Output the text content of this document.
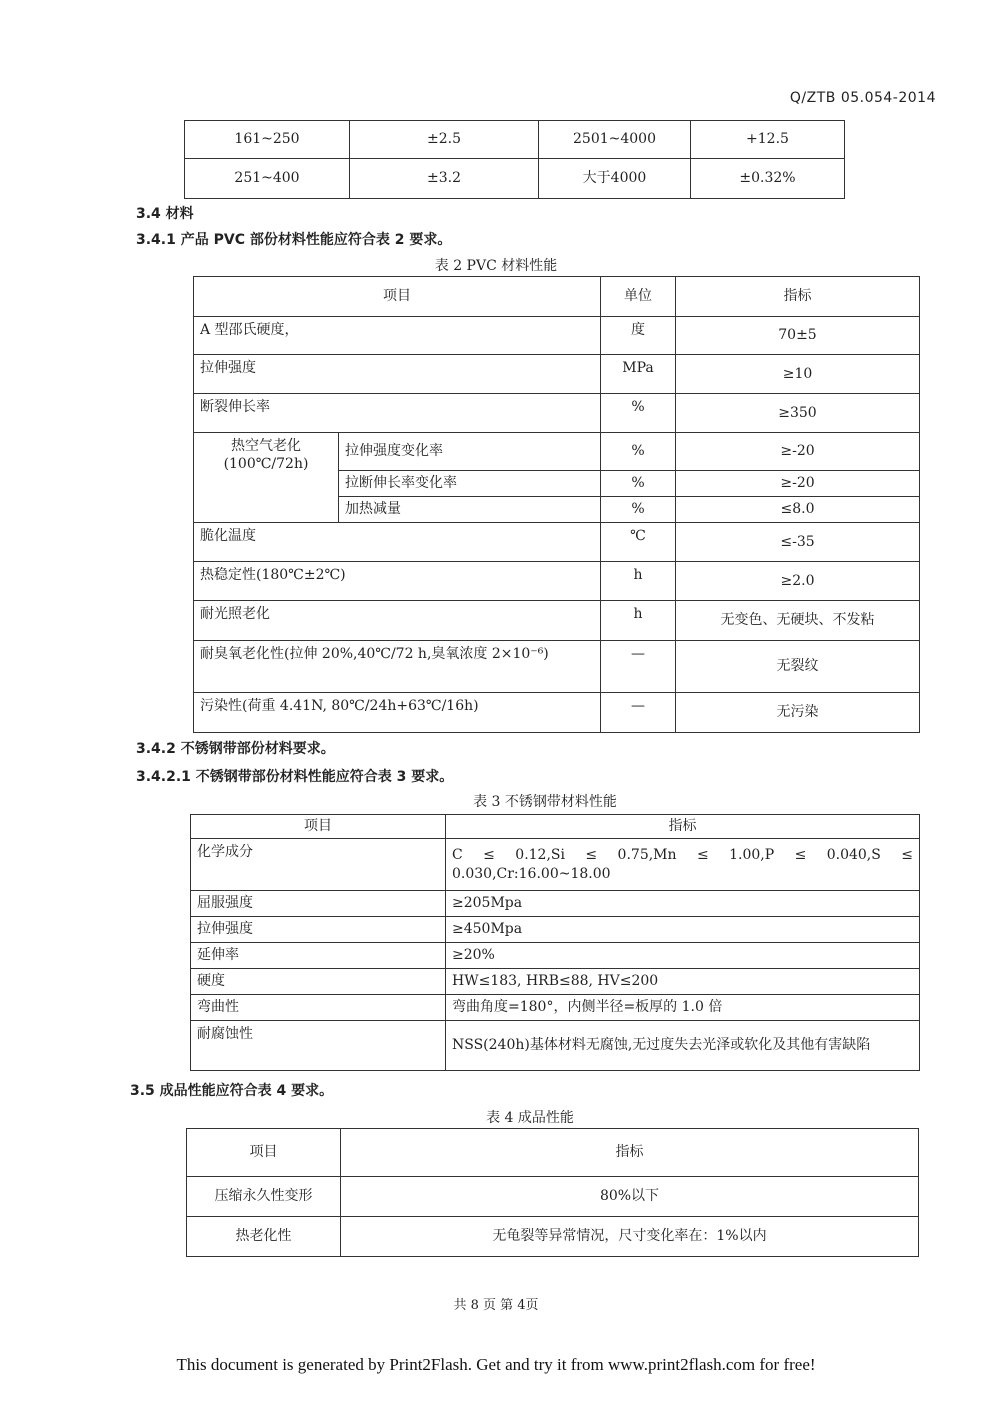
Q/ZTB 05.054-2014
161~250	±2.5	2501~4000	+12.5
251~400	±3.2	大于4000	±0.32%
3.4 材料
3.4.1 产品 PVC 部份材料性能应符合表 2 要求。
表 2 PVC 材料性能
项目		单位	指标
A 型邵氏硬度，		度	70±5
拉伸强度		MPa	≥10
断裂伸长率		%	≥350

热空气老化
(100℃/72h)	拉伸强度变化率	%	≥-20
	拉断伸长率变化率	%	≥-20
	加热减量	%	≤8.0
脆化温度		℃	≤-35
热稳定性(180℃±2℃)		h	≥2.0
耐光照老化		h	无变色、无硬块、不发粘
耐臭氧老化性(拉伸 20%,40℃/72 h,臭氧浓度 2×10⁻⁶)		—	无裂纹
污染性(荷重 4.41N, 80℃/24h+63℃/16h)		—	无污染
3.4.2 不锈钢带部份材料要求。
3.4.2.1 不锈钢带部份材料性能应符合表 3 要求。
表 3 不锈钢带材料性能
项目	指标
化学成分	C ≤ 0.12,Si ≤ 0.75,Mn ≤ 1.00,P ≤ 0.040,S ≤ 0.030,Cr:16.00~18.00
屈服强度	≥205Mpa
拉伸强度	≥450Mpa
延伸率	≥20%
硬度	HW≤183, HRB≤88, HV≤200
弯曲性	弯曲角度=180°，内侧半径=板厚的 1.0 倍
耐腐蚀性	NSS(240h)基体材料无腐蚀,无过度失去光泽或软化及其他有害缺陷
3.5 成品性能应符合表 4 要求。
表 4 成品性能
项目	指标
压缩永久性变形	80%以下
热老化性	无龟裂等异常情况，尺寸变化率在：1%以内
共 8 页 第 4页
This document is generated by Print2Flash. Get and try it from www.print2flash.com for free!
